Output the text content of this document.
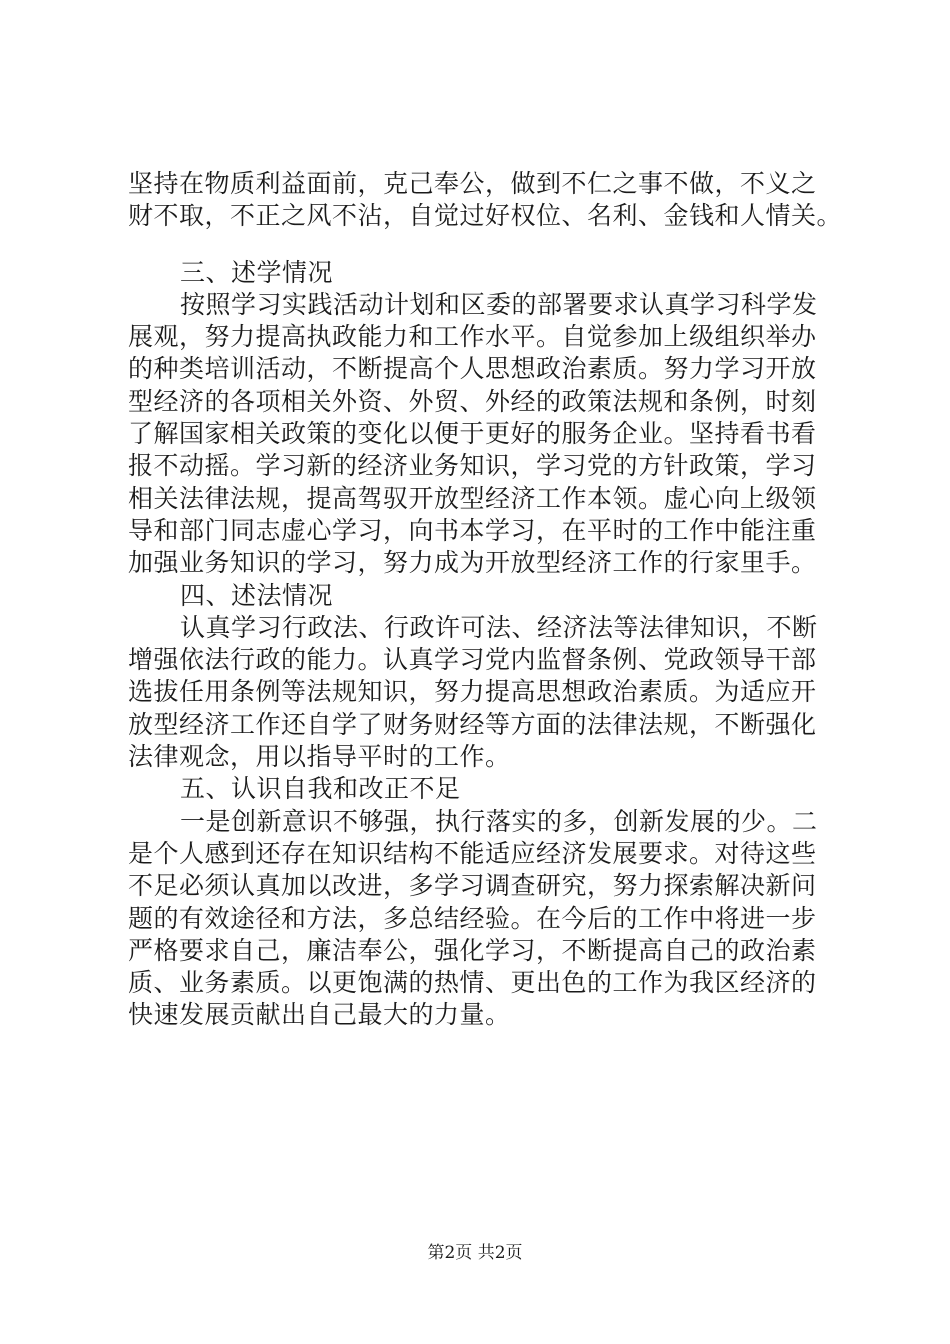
坚持在物质利益面前，克己奉公，做到不仁之事不做，不义之
财不取，不正之风不沾，自觉过好权位、名利、金钱和人情关。
三、述学情况
按照学习实践活动计划和区委的部署要求认真学习科学发
展观，努力提高执政能力和工作水平。自觉参加上级组织举办
的种类培训活动，不断提高个人思想政治素质。努力学习开放
型经济的各项相关外资、外贸、外经的政策法规和条例，时刻
了解国家相关政策的变化以便于更好的服务企业。坚持看书看
报不动摇。学习新的经济业务知识，学习党的方针政策，学习
相关法律法规，提高驾驭开放型经济工作本领。虚心向上级领
导和部门同志虚心学习，向书本学习，在平时的工作中能注重
加强业务知识的学习，努力成为开放型经济工作的行家里手。
四、述法情况
认真学习行政法、行政许可法、经济法等法律知识，不断
增强依法行政的能力。认真学习党内监督条例、党政领导干部
选拔任用条例等法规知识，努力提高思想政治素质。为适应开
放型经济工作还自学了财务财经等方面的法律法规，不断强化
法律观念，用以指导平时的工作。
五、认识自我和改正不足
一是创新意识不够强，执行落实的多，创新发展的少。二
是个人感到还存在知识结构不能适应经济发展要求。对待这些
不足必须认真加以改进，多学习调查研究，努力探索解决新问
题的有效途径和方法，多总结经验。在今后的工作中将进一步
严格要求自己，廉洁奉公，强化学习，不断提高自己的政治素
质、业务素质。以更饱满的热情、更出色的工作为我区经济的
快速发展贡献出自己最大的力量。
第2页 共2页
